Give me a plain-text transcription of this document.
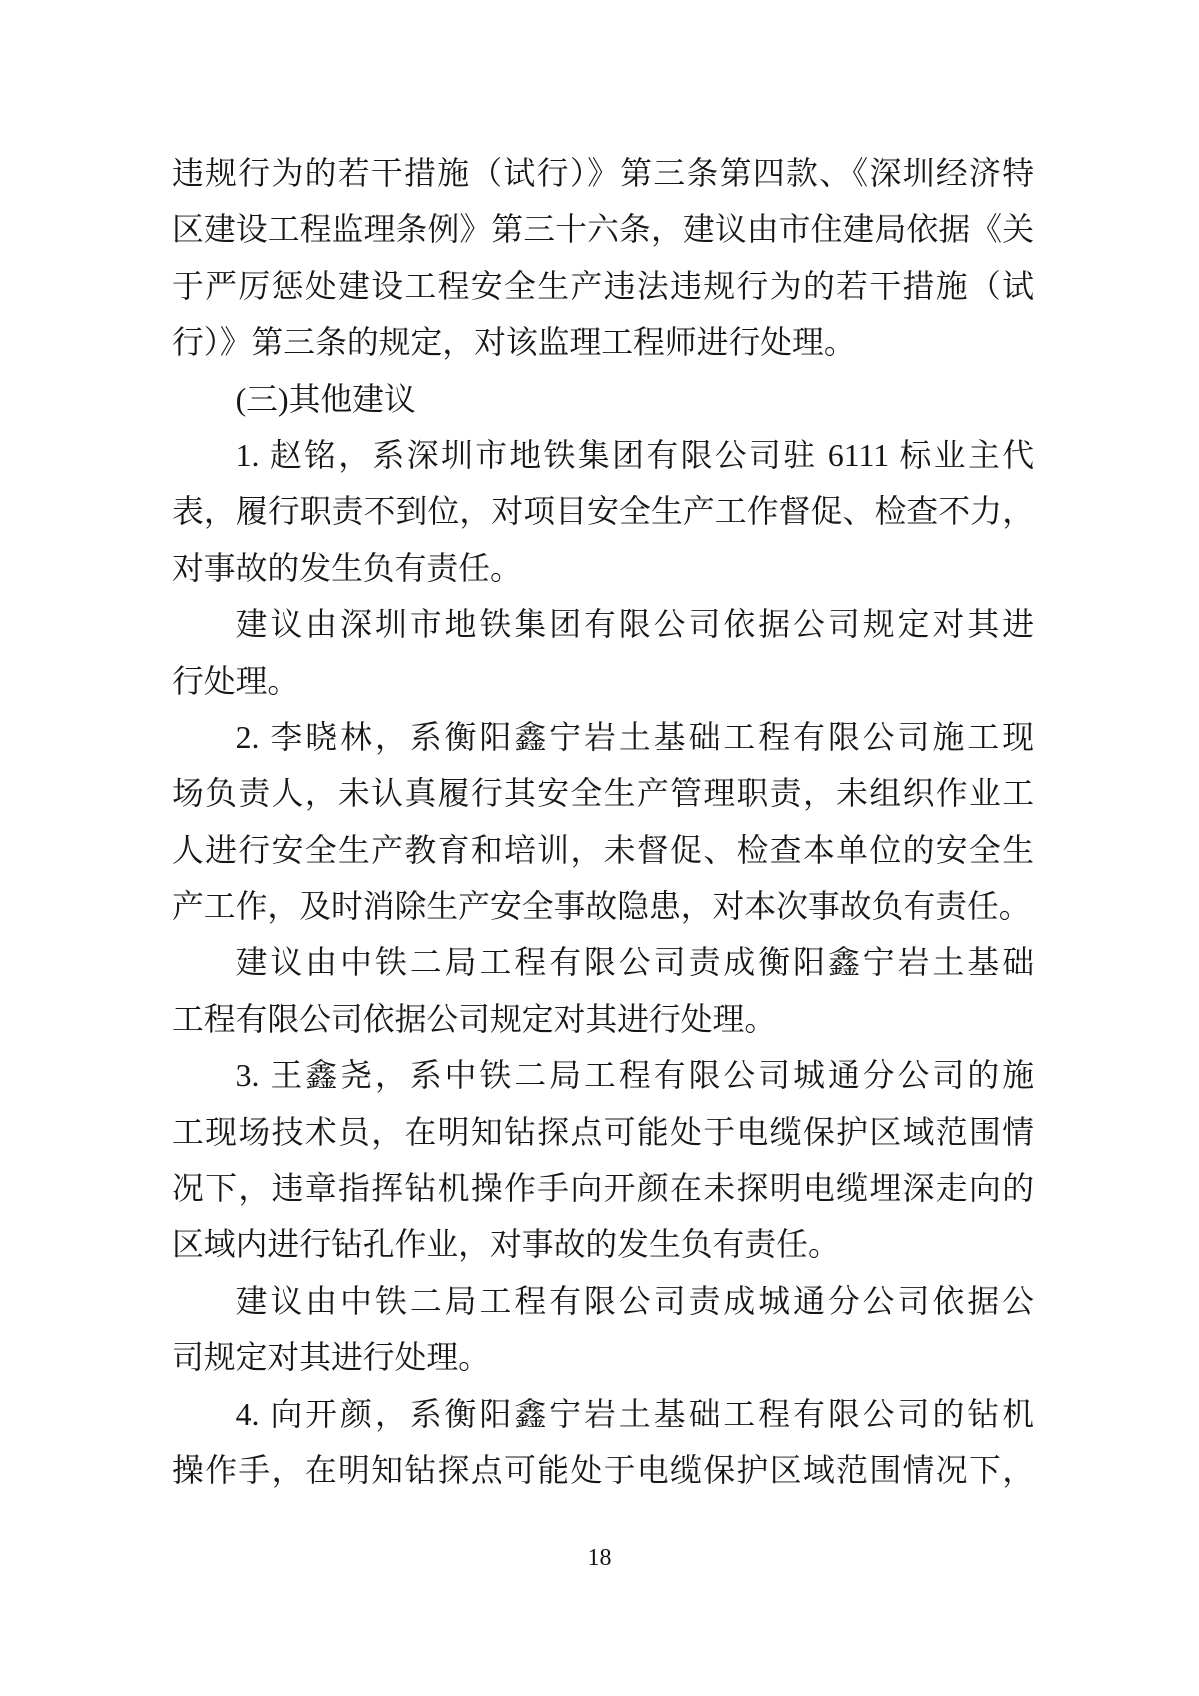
违规行为的若干措施（试行）》第三条第四款、《深圳经济特
区建设工程监理条例》第三十六条，建议由市住建局依据《关
于严厉惩处建设工程安全生产违法违规行为的若干措施（试
行）》第三条的规定，对该监理工程师进行处理。
(三)其他建议
1. 赵铭，系深圳市地铁集团有限公司驻 6111 标业主代
表，履行职责不到位，对项目安全生产工作督促、检查不力，
对事故的发生负有责任。
建议由深圳市地铁集团有限公司依据公司规定对其进
行处理。
2. 李晓林，系衡阳鑫宁岩土基础工程有限公司施工现
场负责人，未认真履行其安全生产管理职责，未组织作业工
人进行安全生产教育和培训，未督促、检查本单位的安全生
产工作，及时消除生产安全事故隐患，对本次事故负有责任。
建议由中铁二局工程有限公司责成衡阳鑫宁岩土基础
工程有限公司依据公司规定对其进行处理。
3. 王鑫尧，系中铁二局工程有限公司城通分公司的施
工现场技术员，在明知钻探点可能处于电缆保护区域范围情
况下，违章指挥钻机操作手向开颜在未探明电缆埋深走向的
区域内进行钻孔作业，对事故的发生负有责任。
建议由中铁二局工程有限公司责成城通分公司依据公
司规定对其进行处理。
4. 向开颜，系衡阳鑫宁岩土基础工程有限公司的钻机
操作手，在明知钻探点可能处于电缆保护区域范围情况下，
18
